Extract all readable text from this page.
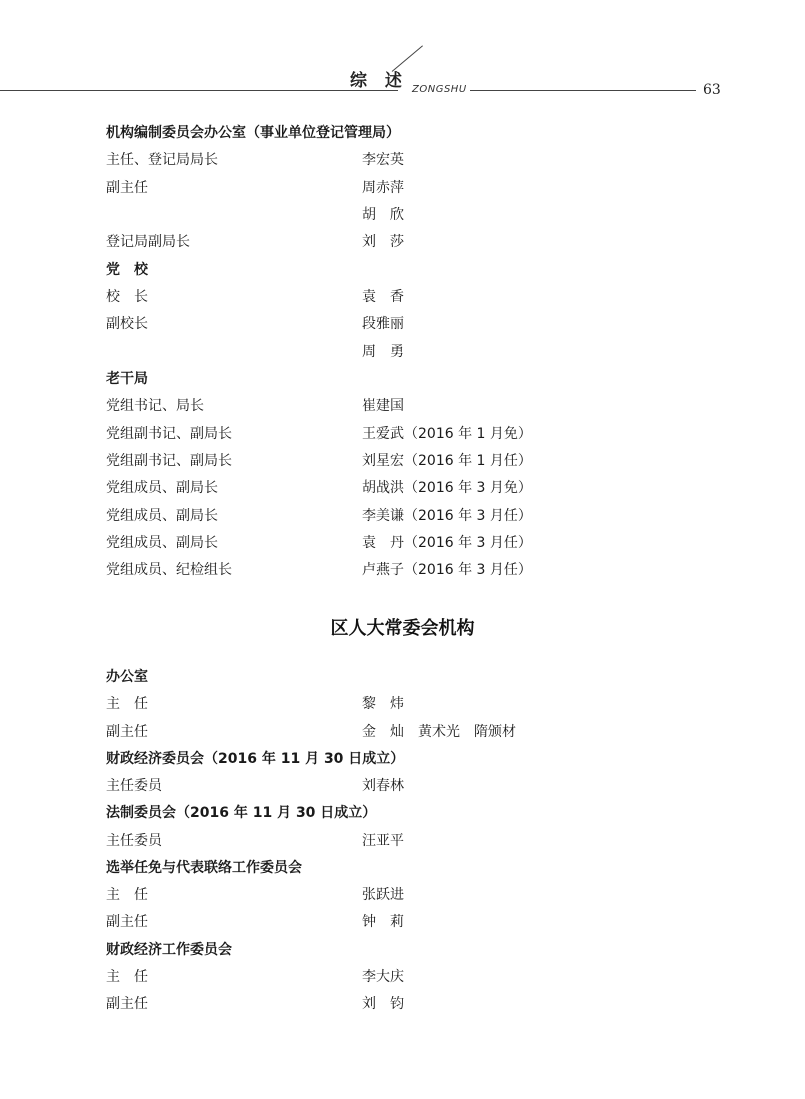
综 述 ZONGSHU	63
机构编制委员会办公室（事业单位登记管理局）
主任、登记局局长	李宏英
副主任	周赤萍
胡　欣
登记局副局长	刘　莎
党　校
校　长	袁　香
副校长	段雅丽
周　勇
老干局
党组书记、局长	崔建国
党组副书记、副局长	王爱武（2016 年 1 月免）
党组副书记、副局长	刘星宏（2016 年 1 月任）
党组成员、副局长	胡战洪（2016 年 3 月免）
党组成员、副局长	李美谦（2016 年 3 月任）
党组成员、副局长	袁　丹（2016 年 3 月任）
党组成员、纪检组长	卢燕子（2016 年 3 月任）
区人大常委会机构
办公室
主　任	黎　炜
副主任	金　灿　黄术光　隋颁材
财政经济委员会（2016 年 11 月 30 日成立）
主任委员	刘春林
法制委员会（2016 年 11 月 30 日成立）
主任委员	汪亚平
选举任免与代表联络工作委员会
主　任	张跃进
副主任	钟　莉
财政经济工作委员会
主　任	李大庆
副主任	刘　钧
